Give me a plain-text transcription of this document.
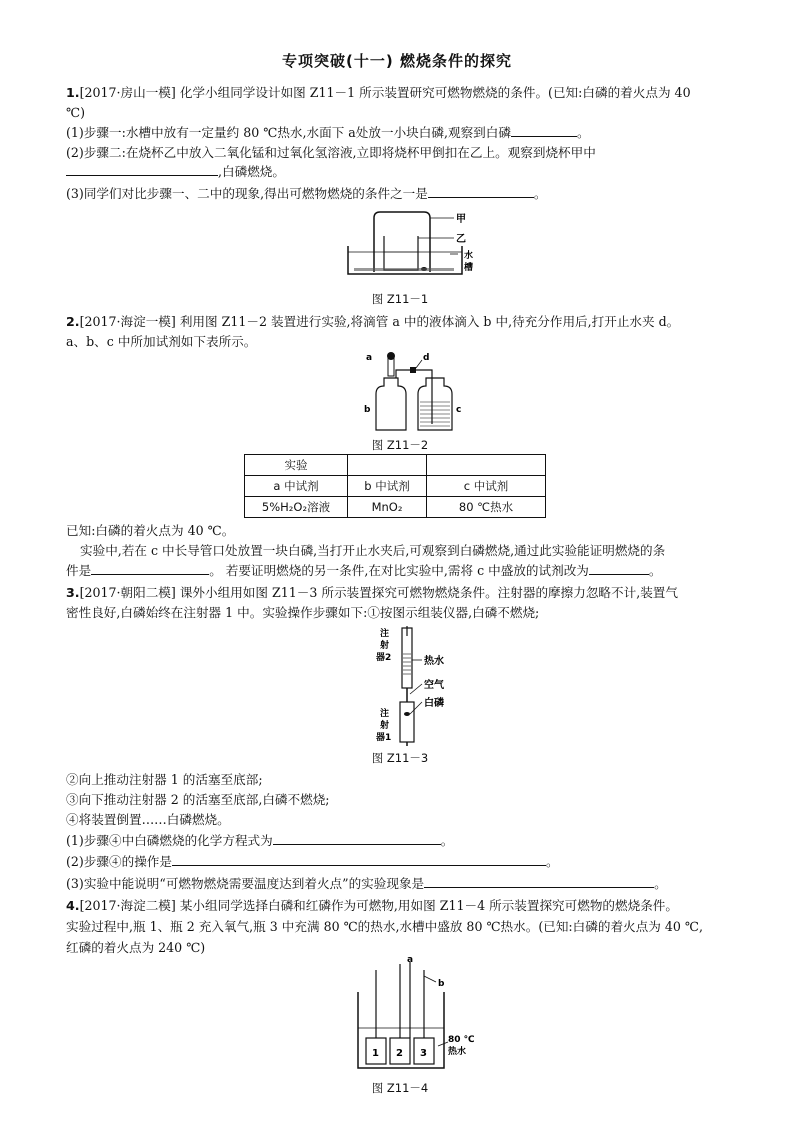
专项突破(十一) 燃烧条件的探究
1.[2017·房山一模] 化学小组同学设计如图 Z11－1 所示装置研究可燃物燃烧的条件。(已知:白磷的着火点为 40
℃)
(1)步骤一:水槽中放有一定量约 80 ℃热水,水面下 a处放一小块白磷,观察到白磷	。
(2)步骤二:在烧杯乙中放入二氧化锰和过氧化氢溶液,立即将烧杯甲倒扣在乙上。观察到烧杯甲中
,白磷燃烧。
(3)同学们对比步骤一、二中的现象,得出可燃物燃烧的条件之一是	。
甲
乙
水
槽
图 Z11－1
2.[2017·海淀一模] 利用图 Z11－2 装置进行实验,将滴管 a 中的液体滴入 b 中,待充分作用后,打开止水夹 d。
a、b、c 中所加试剂如下表所示。
a
b	c
d
图 Z11－2
实验		
a 中试剂	b 中试剂	c 中试剂
5%H₂O₂溶液	MnO₂	80 ℃热水
已知:白磷的着火点为 40 ℃。
实验中,若在 c 中长导管口处放置一块白磷,当打开止水夹后,可观察到白磷燃烧,通过此实验能证明燃烧的条
件是	。 若要证明燃烧的另一条件,在对比实验中,需将 c 中盛放的试剂改为	。
3.[2017·朝阳二模] 课外小组用如图 Z11－3 所示装置探究可燃物燃烧条件。注射器的摩擦力忽略不计,装置气
密性良好,白磷始终在注射器 1 中。实验操作步骤如下:①按图示组装仪器,白磷不燃烧;
注
射
器2	热水
空气
白磷
注
射
器1
图 Z11－3
②向上推动注射器 1 的活塞至底部;
③向下推动注射器 2 的活塞至底部,白磷不燃烧;
④将装置倒置……白磷燃烧。
(1)步骤④中白磷燃烧的化学方程式为	。
(2)步骤④的操作是	。
(3)实验中能说明“可燃物燃烧需要温度达到着火点”的实验现象是	。
4.[2017·海淀二模] 某小组同学选择白磷和红磷作为可燃物,用如图 Z11－4 所示装置探究可燃物的燃烧条件。
实验过程中,瓶 1、瓶 2 充入氧气,瓶 3 中充满 80 ℃的热水,水槽中盛放 80 ℃热水。(已知:白磷的着火点为 40 ℃,
红磷的着火点为 240 ℃)
a
b
1 2 3
80 ℃
热水
图 Z11－4
